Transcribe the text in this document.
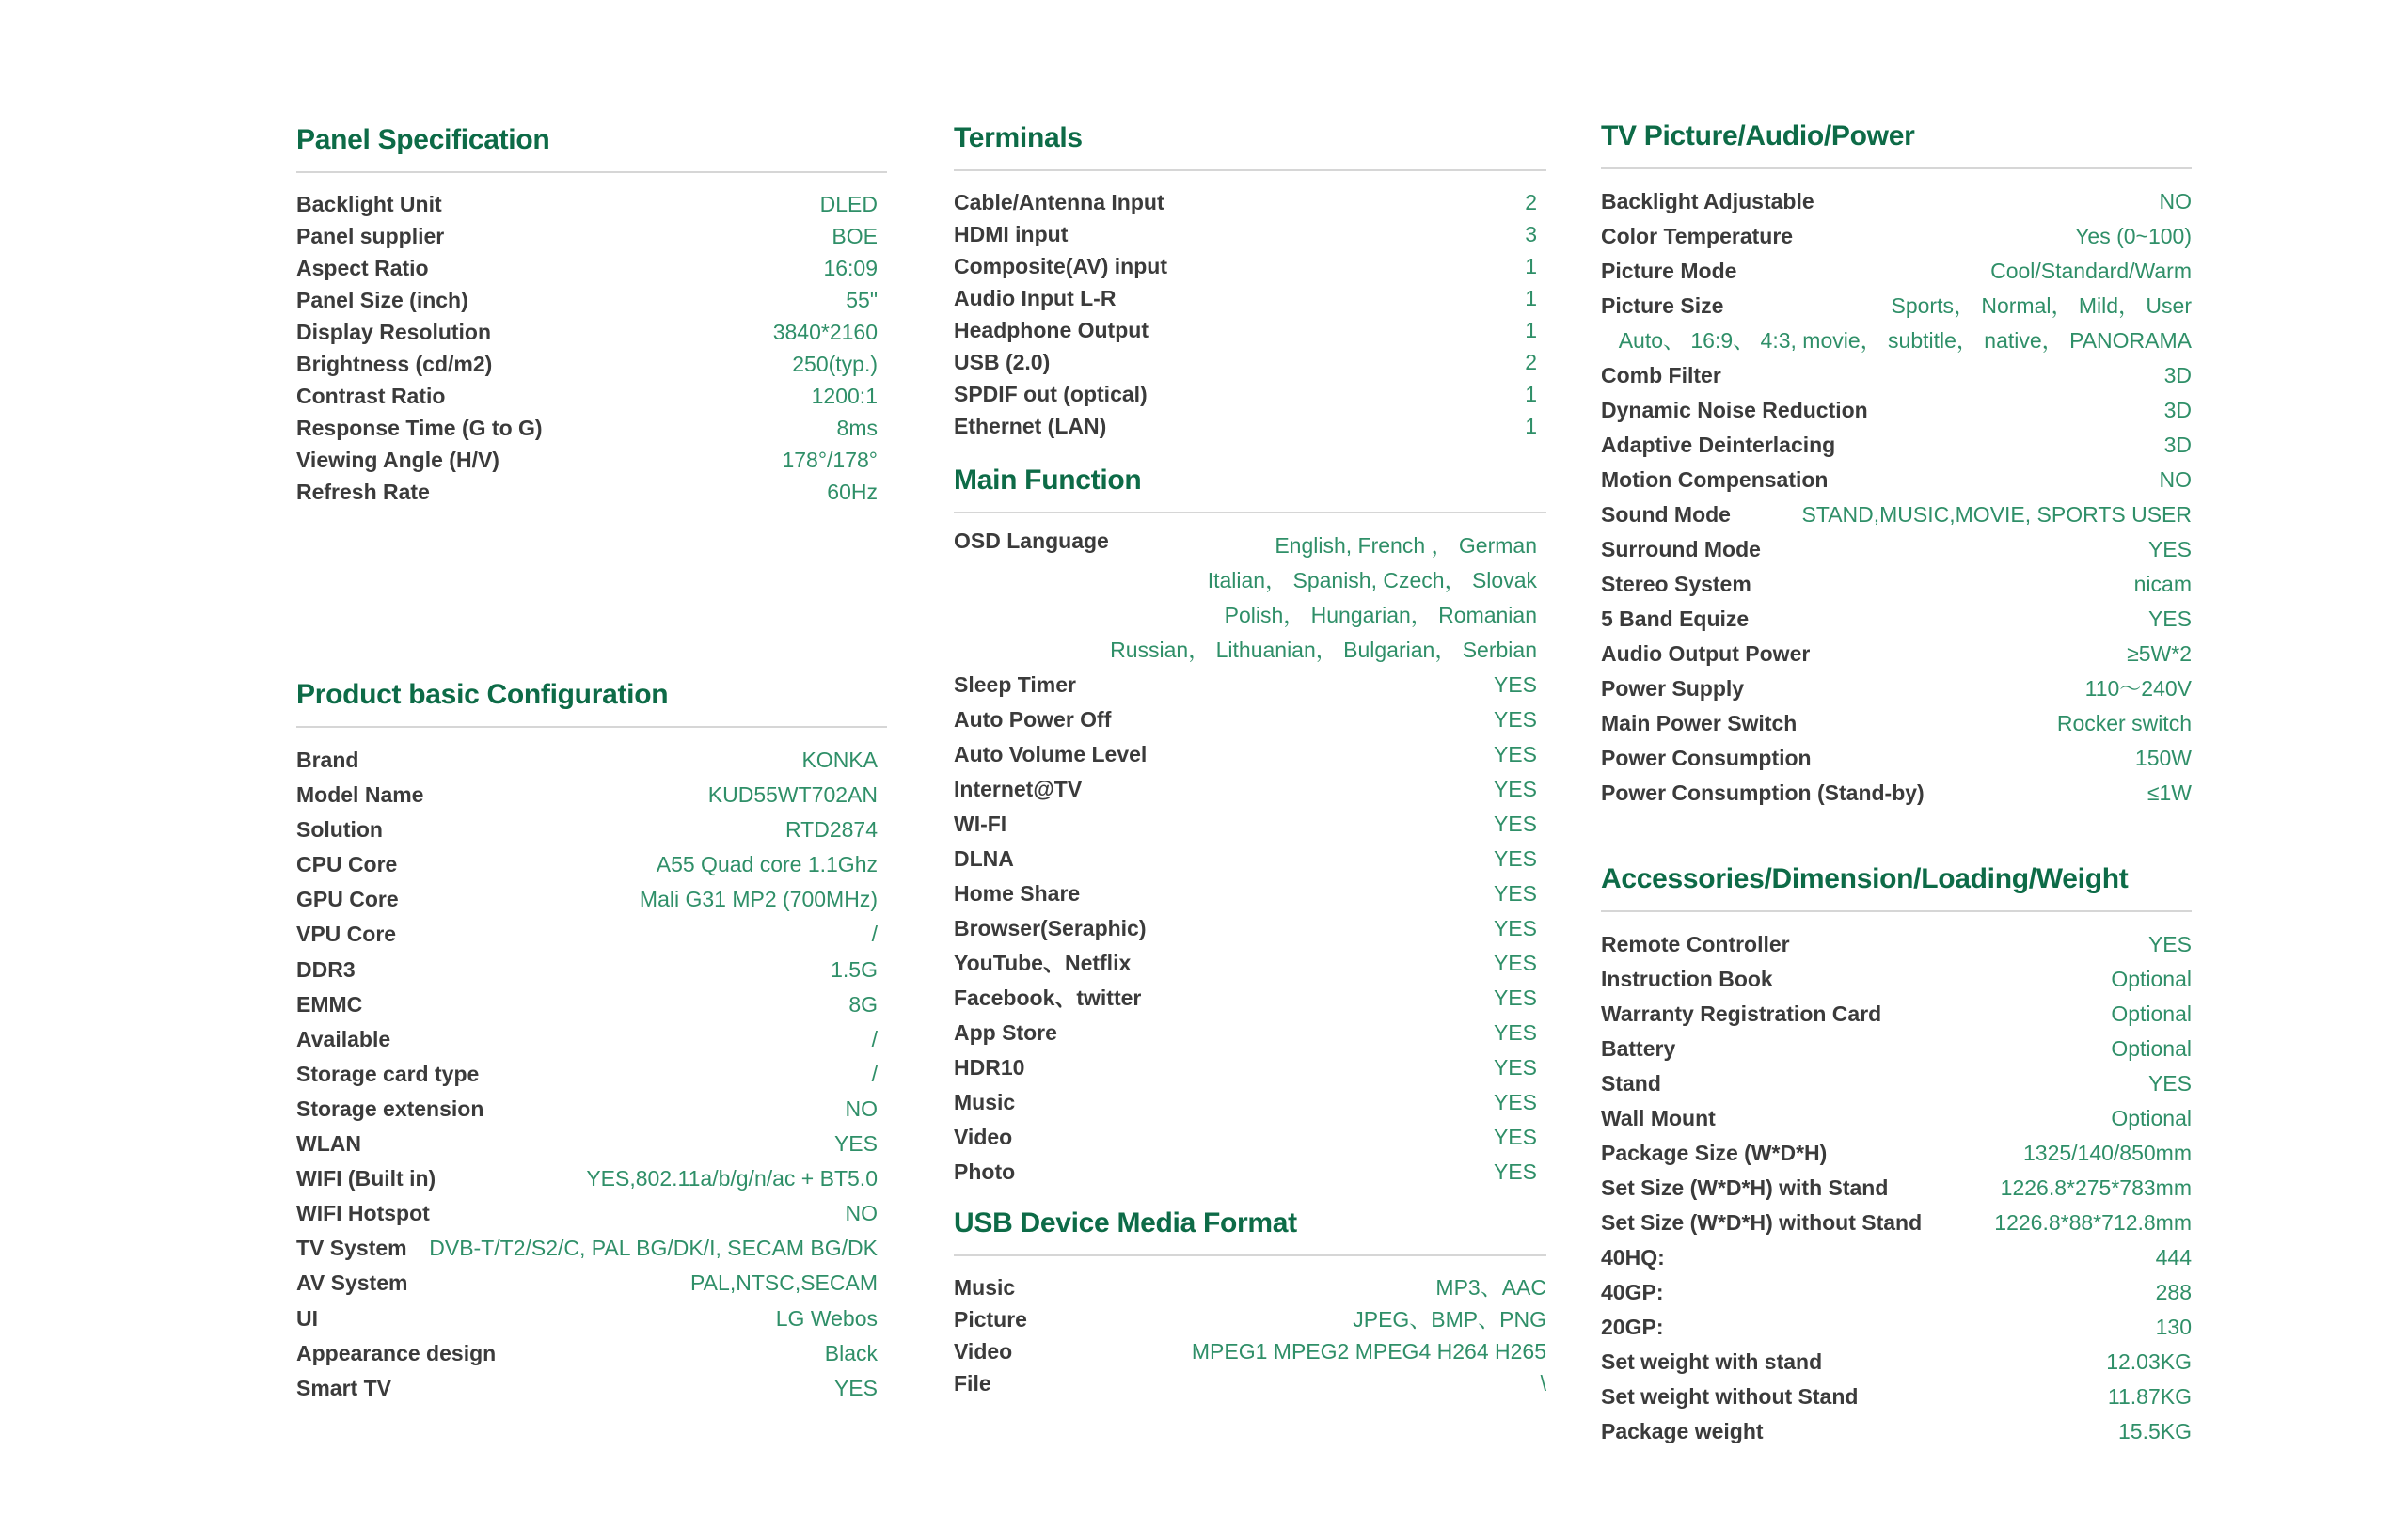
Panel Specification
Backlight Unit	DLED
Panel supplier	BOE
Aspect Ratio	16:09
Panel Size (inch)	55"
Display Resolution	3840*2160
Brightness (cd/m2)	250(typ.)
Contrast Ratio	1200:1
Response Time (G to G)	8ms
Viewing Angle (H/V)	178°/178°
Refresh Rate	60Hz
Product basic Configuration
Brand	KONKA
Model Name	KUD55WT702AN
Solution	RTD2874
CPU Core	A55 Quad core 1.1Ghz
GPU Core	Mali G31 MP2 (700MHz)
VPU Core	/
DDR3	1.5G
EMMC	8G
Available	/
Storage card type	/
Storage extension	NO
WLAN	YES
WIFI (Built in)	YES,802.11a/b/g/n/ac + BT5.0
WIFI Hotspot	NO
TV System DVB-T/T2/S2/C, PAL BG/DK/I, SECAM BG/DK
AV System	PAL,NTSC,SECAM
UI	LG Webos
Appearance design	Black
Smart TV	YES
Terminals
Cable/Antenna Input	2
HDMI input	3
Composite(AV) input	1
Audio Input L-R	1
Headphone Output	1
USB (2.0)	2
SPDIF out (optical)	1
Ethernet (LAN)	1
Main Function
OSD Language	English, French ， German
Italian， Spanish, Czech， Slovak
Polish， Hungarian， Romanian
Russian， Lithuanian， Bulgarian， Serbian
Sleep Timer	YES
Auto Power Off	YES
Auto Volume Level	YES
Internet@TV	YES
WI-FI	YES
DLNA	YES
Home Share	YES
Browser(Seraphic)	YES
YouTube、Netflix	YES
Facebook、twitter	YES
App Store	YES
HDR10	YES
Music	YES
Video	YES
Photo	YES
USB Device Media Format
Music	MP3、AAC
Picture	JPEG、BMP、PNG
Video	MPEG1 MPEG2 MPEG4 H264 H265
File	\
TV Picture/Audio/Power
Backlight Adjustable	NO
Color Temperature	Yes (0~100)
Picture Mode	Cool/Standard/Warm
Picture Size	Sports， Normal， Mild， User
Auto、 16:9、 4:3, movie， subtitle， native， PANORAMA
Comb Filter	3D
Dynamic Noise Reduction	3D
Adaptive Deinterlacing	3D
Motion Compensation	NO
Sound Mode	STAND,MUSIC,MOVIE, SPORTS USER
Surround Mode	YES
Stereo System	nicam
5 Band Equize	YES
Audio Output Power	≥5W*2
Power Supply	110～240V
Main Power Switch	Rocker switch
Power Consumption	150W
Power Consumption (Stand-by)	≤1W
Accessories/Dimension/Loading/Weight
Remote Controller	YES
Instruction Book	Optional
Warranty Registration Card	Optional
Battery	Optional
Stand	YES
Wall Mount	Optional
Package Size (W*D*H)	1325/140/850mm
Set Size (W*D*H) with Stand	1226.8*275*783mm
Set Size (W*D*H) without Stand	1226.8*88*712.8mm
40HQ:	444
40GP:	288
20GP:	130
Set weight with stand	12.03KG
Set weight without Stand	11.87KG
Package weight	15.5KG
